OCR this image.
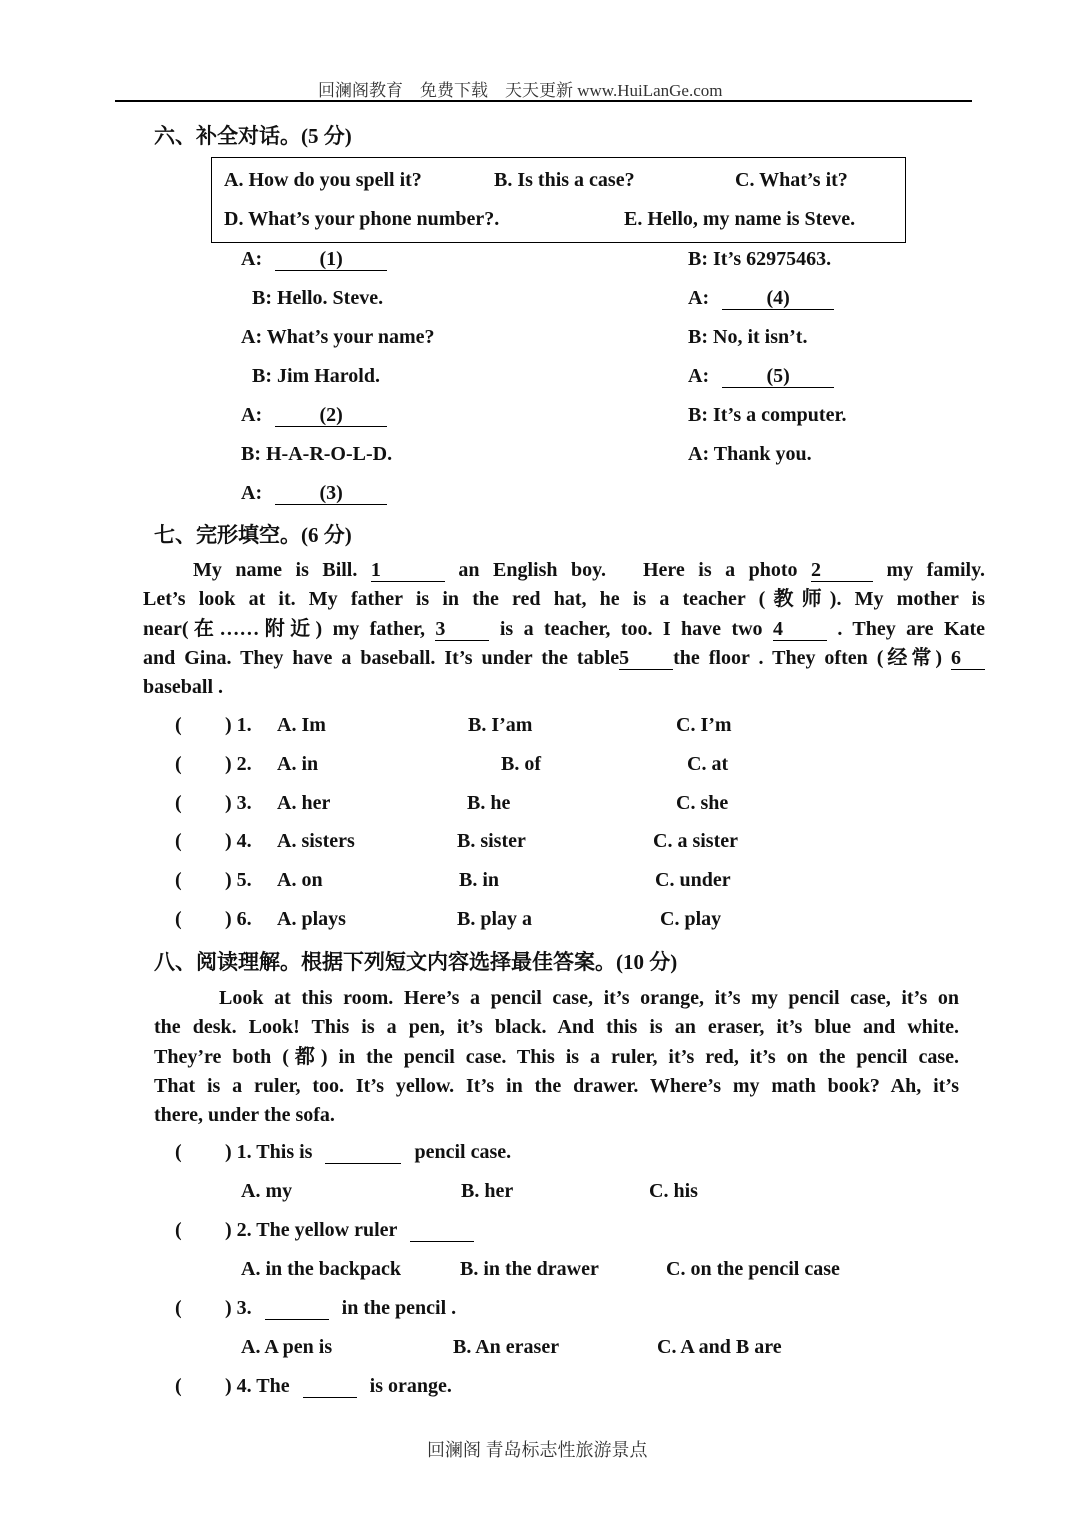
回澜阁教育　免费下载　天天更新 www.HuiLanGe.com
六、补全对话。(5 分)
A. How do you spell it?	B. Is this a case?	C. What’s it?
D. What’s your phone number?.	E. Hello, my name is Steve.
A:	(1)
B: Hello. Steve.
A: What’s your name?
B: Jim Harold.
A:	(2)
B: H-A-R-O-L-D.
A:	(3)
B: It’s 62975463.
A:	(4)
B: No, it isn’t.
A:	(5)
B: It’s a computer.
A: Thank you.
七、完形填空。(6 分)
My name is Bill. 1	an English boy.　Here is a photo 2	my family.
Let’s look at it. My father is in the red hat, he is a teacher (教师). My mother is
near(在……附近) my father, 3	is a teacher, too. I have two 4	. They are Kate
and Gina. They have a baseball. It’s under the table5 the floor . They often (经常) 6
baseball .
( ) 1. A. Im	B. I’am	C. I’m
( ) 2. A. in	B. of	C. at
( ) 3. A. her	B. he	C. she
( ) 4. A. sisters	B. sister	C. a sister
( ) 5. A. on	B. in	C. under
( ) 6. A. plays	B. play a	C. play
八、阅读理解。根据下列短文内容选择最佳答案。(10 分)
Look at this room. Here’s a pencil case, it’s orange, it’s my pencil case, it’s on
the desk. Look! This is a pen, it’s black. And this is an eraser, it’s blue and white.
They’re both (都) in the pencil case. This is a ruler, it’s red, it’s on the pencil case.
That is a ruler, too. It’s yellow. It’s in the drawer. Where’s my math book? Ah, it’s
there, under the sofa.
( ) 1. This is	pencil case.
A. my	B. her	C. his
( ) 2. The yellow ruler
A. in the backpack	B. in the drawer	C. on the pencil case
( ) 3.	in the pencil .
A. A pen is	B. An eraser	C. A and B are
( ) 4. The	is orange.
回澜阁 青岛标志性旅游景点
